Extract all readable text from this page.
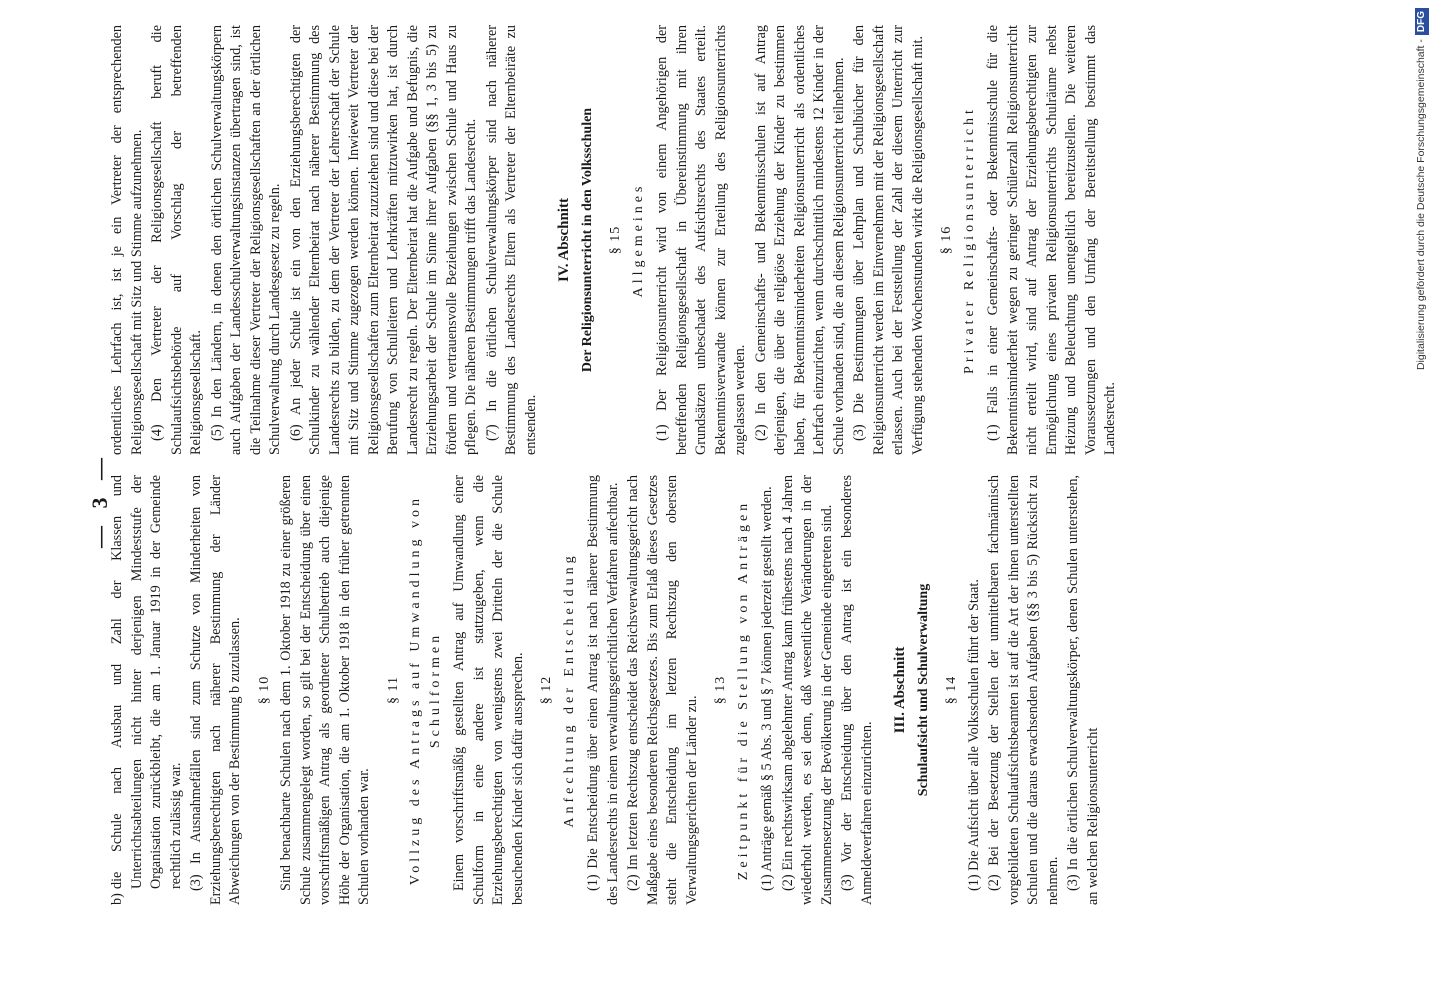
— 3 —

b)
die Schule nach Ausbau und Zahl der Klassen und Unterrichtsabteilungen nicht hinter derjenigen Mindeststufe der Organisation zurückbleibt, die am 1. Januar 1919 in der Gemeinde rechtlich zulässig war. (3) In Ausnahmefällen sind zum Schutze von Minderheiten von Erziehungsberechtigten nach näherer Bestimmung der Länder Abweichungen von der Bestimmung b zuzulassen. § 10 Sind benachbarte Schulen nach dem 1. Oktober 1918 zu einer größeren Schule zusammengelegt worden, so gilt bei der Entscheidung über einen vorschriftsmäßigen Antrag als geordneter Schulbetrieb auch diejenige Höhe der Organisation, die am 1. Oktober 1918 in den früher getrennten Schulen vorhanden war.

§ 11 Vollzug des Antrags auf Umwandlung von Schulformen Einem vorschriftsmäßig gestellten Antrag auf Umwandlung einer Schulform in eine andere ist stattzugeben, wenn die Erziehungsberechtigten von wenigstens zwei Dritteln der die Schule besuchenden Kinder sich dafür aussprechen. § 12 Anfechtung der Entscheidung (1) Die Entscheidung über einen Antrag ist nach näherer Bestimmung des Landesrechts in einem verwaltungsgerichtlichen Verfahren anfechtbar. (2) Im letzten Rechtszug entscheidet das Reichsverwaltungsgericht nach Maßgabe eines besonderen Reichsgesetzes. Bis zum Erlaß dieses Gesetzes steht die Entscheidung im letzten Rechtszug den obersten Verwaltungsgerichten der Länder zu.

§ 13 Zeitpunkt für die Stellung von Anträgen (1) Anträge gemäß § 5 Abs. 3 und § 7 können jederzeit gestellt werden. (2) Ein rechtswirksam abgelehnter Antrag kann frühestens nach 4 Jahren wiederholt werden, es sei denn, daß wesentliche Veränderungen in der Zusammensetzung der Bevölkerung in der Gemeinde eingetreten sind. (3) Vor der Entscheidung über den Antrag ist ein besonderes Anmeldeverfahren einzurichten.

III. Abschnitt Schulaufsicht und Schulverwaltung § 14 (1) Die Aufsicht über alle Volksschulen führt der Staat. (2) Bei der Besetzung der Stellen der unmittelbaren fachmännisch vorgebildeten Schulaufsichtsbeamten ist auf die Art der ihnen unterstellten Schulen und die daraus erwachsenden Aufgaben (§§ 3 bis 5) Rücksicht zu nehmen. (3) In die örtlichen Schulverwaltungskörper, denen Schulen unterstehen, an welchen Religionsunterricht

ordentliches Lehrfach ist, ist je ein Vertreter der entsprechenden Religionsgesellschaft mit Sitz und Stimme aufzunehmen. (4) Den Vertreter der Religionsgesellschaft beruft die Schulaufsichtsbehörde auf Vorschlag der betreffenden Religionsgesellschaft. (5) In den Ländern, in denen den örtlichen Schulverwaltungskörpern auch Aufgaben der Landesschulverwaltungsinstanzen übertragen sind, ist die Teilnahme dieser Vertreter der Religionsgesellschaften an der örtlichen Schulverwaltung durch Landesgesetz zu regeln. (6) An jeder Schule ist ein von den Erziehungsberechtigten der Schulkinder zu wählender Elternbeirat nach näherer Bestimmung des Landesrechts zu bilden, zu dem der Vertreter der Lehrerschaft der Schule mit Sitz und Stimme zugezogen werden können. Inwieweit Vertreter der Religionsgesellschaften zum Elternbeirat zuzuziehen sind und diese bei der Berufung von Schulleitern und Lehrkräften mitzuwirken hat, ist durch Landesrecht zu regeln. Der Elternbeirat hat die Aufgabe und Befugnis, die Erziehungsarbeit der Schule im Sinne ihrer Aufgaben (§§ 1, 3 bis 5) zu fördern und vertrauensvolle Beziehungen zwischen Schule und Haus zu pflegen. Die näheren Bestimmungen trifft das Landesrecht. (7) In die örtlichen Schulverwaltungskörper sind nach näherer Bestimmung des Landesrechts Eltern als Vertreter der Elternbeiräte zu entsenden.

IV. Abschnitt Der Religionsunterricht in den Volksschulen § 15 Allgemeines (1) Der Religionsunterricht wird von einem Angehörigen der betreffenden Religionsgesellschaft in Übereinstimmung mit ihren Grundsätzen unbeschadet des Aufsichtsrechts des Staates erteilt. Bekenntnisverwandte können zur Erteilung des Religionsunterrichts zugelassen werden. (2) In den Gemeinschafts- und Bekenntnisschulen ist auf Antrag derjenigen, die über die religiöse Erziehung der Kinder zu bestimmen haben, für Bekenntnisminderheiten Religionsunterricht als ordentliches Lehrfach einzurichten, wenn durchschnittlich mindestens 12 Kinder in der Schule vorhanden sind, die an diesem Religionsunterricht teilnehmen. (3) Die Bestimmungen über Lehrplan und Schulbücher für den Religionsunterricht werden im Einvernehmen mit der Religionsgesellschaft erlassen. Auch bei der Feststellung der Zahl der diesem Unterricht zur Verfügung stehenden Wochenstunden wirkt die Religionsgesellschaft mit. § 16 Privater Religionsunterricht (1) Falls in einer Gemeinschafts- oder Bekenntnisschule für die Bekenntnisminderheit wegen zu geringer Schülerzahl Religionsunterricht nicht erteilt wird, sind auf Antrag der Erziehungsberechtigten zur Ermöglichung eines privaten Religionsunterrichts Schulräume nebst Heizung und Beleuchtung unentgeltlich bereitzustellen. Die weiteren Voraussetzungen und den Umfang der Bereitstellung bestimmt das Landesrecht.

Digitalisierung gefördert durch die Deutsche Forschungsgemeinschaft -DFG
